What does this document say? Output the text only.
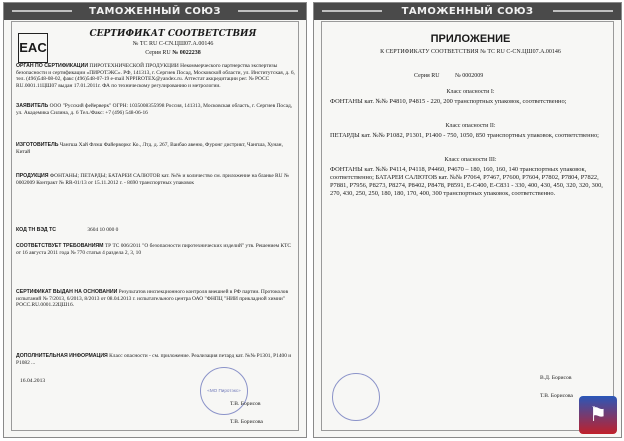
ТАМОЖЕННЫЙ СОЮЗ
EAC
СЕРТИФИКАТ СООТВЕТСТВИЯ
№ ТС RU C-CN.ЦШ07.А.00146
Серия RU № 0022238
ОРГАН ПО СЕРТИФИКАЦИИ ПИРОТЕХНИЧЕСКОЙ ПРОДУКЦИИ Некоммерческого партнерства экспертизы безопасности и сертификации «ПИРОТЭКС». РФ, 141313, г. Сергиев Посад, Московской области, ул. Институтская, д. 6, тел. (496)548-08-02, факс (496)548-07-19 e-mail NPPIROTEX@yandex.ru. Аттестат аккредитации рег. № РОСС RU.0001.11ЦШ07 выдан 17.01.2011г. ФА по техническому регулированию и метрологии.
ЗАЯВИТЕЛЬ ООО "Русский фейерверк" ОГРН: 1035008355998 Россия, 141313, Московская область, г. Сергиев Посад, ул. Академика Силина, д. 6 Тел./Факс: +7 (496) 548-06-16
ИЗГОТОВИТЕЛЬ Чангша Хай Флэш Файерворкс Ко., Лтд. д. 267, Ваибао авеню, Фуронг дистрикт, Чангша, Хунан, Китай
ПРОДУКЦИЯ ФОНТАНЫ; ПЕТАРДЫ; БАТАРЕИ САЛЮТОВ кат. №№ и количество см. приложение на бланке RU № 0002009 Контракт № RR-01/13 от 15.11.2012 г. - 8690 транспортных упаковок
КОД ТН ВЭД ТС	3604 10 000 0
СООТВЕТСТВУЕТ ТРЕБОВАНИЯМ ТР ТС 006/2011 "О безопасности пиротехнических изделий" утв. Решением КТС от 16 августа 2011 года № 770 статья 4 раздела 2, 3, 10
СЕРТИФИКАТ ВЫДАН НА ОСНОВАНИИ Результатов инспекционного контроля внешней в РФ партии. Протоколов испытаний № 7/2013, 6/2013, 8/2013 от 08.04.2013 г. испытательного центра ОАО "ФНПЦ "НИИ прикладной химии" РОСС.RU.0001.22ЦШ16.
ДОПОЛНИТЕЛЬНАЯ ИНФОРМАЦИЯ Класс опасности - см. приложение. Реализация петард кат. №№ Р1301, Р1400 и Р1082 ...
16.04.2013
«МО Пиротэкс»
Т.В. Борисов
Т.В. Борисова
ТАМОЖЕННЫЙ СОЮЗ
ПРИЛОЖЕНИЕ
К СЕРТИФИКАТУ СООТВЕТСТВИЯ № ТС RU C-CN.ЦШ07.А.00146
Серия RU	№ 0002009
Класс опасности I:
ФОНТАНЫ кат. №№ Р4810, Р4815 - 220, 200 транспортных упаковок, соответственно;
Класс опасности II:
ПЕТАРДЫ кат. №№ Р1082, Р1301, Р1400 - 750, 1050, 850 транспортных упаковок, соответственно;
Класс опасности III:
ФОНТАНЫ кат. №№ Р4114, Р4118, Р4460, Р4670 – 180, 160, 160, 140 транспортных упаковок, соответственно; БАТАРЕИ САЛЮТОВ кат. №№ Р7064, Р7467, Р7600, Р7604, Р7802, Р7804, Р7822, Р7881, Р7956, Р8273, Р8274, Р8402, Р8478, Р8591, Е-С400, Е-С831 - 330, 400, 430, 450, 320, 320, 300, 270, 430, 250, 250, 180, 180, 170, 400, 300 транспортных упаковок, соответственно.
В.Д. Борисов
Т.В. Борисова
⚑
